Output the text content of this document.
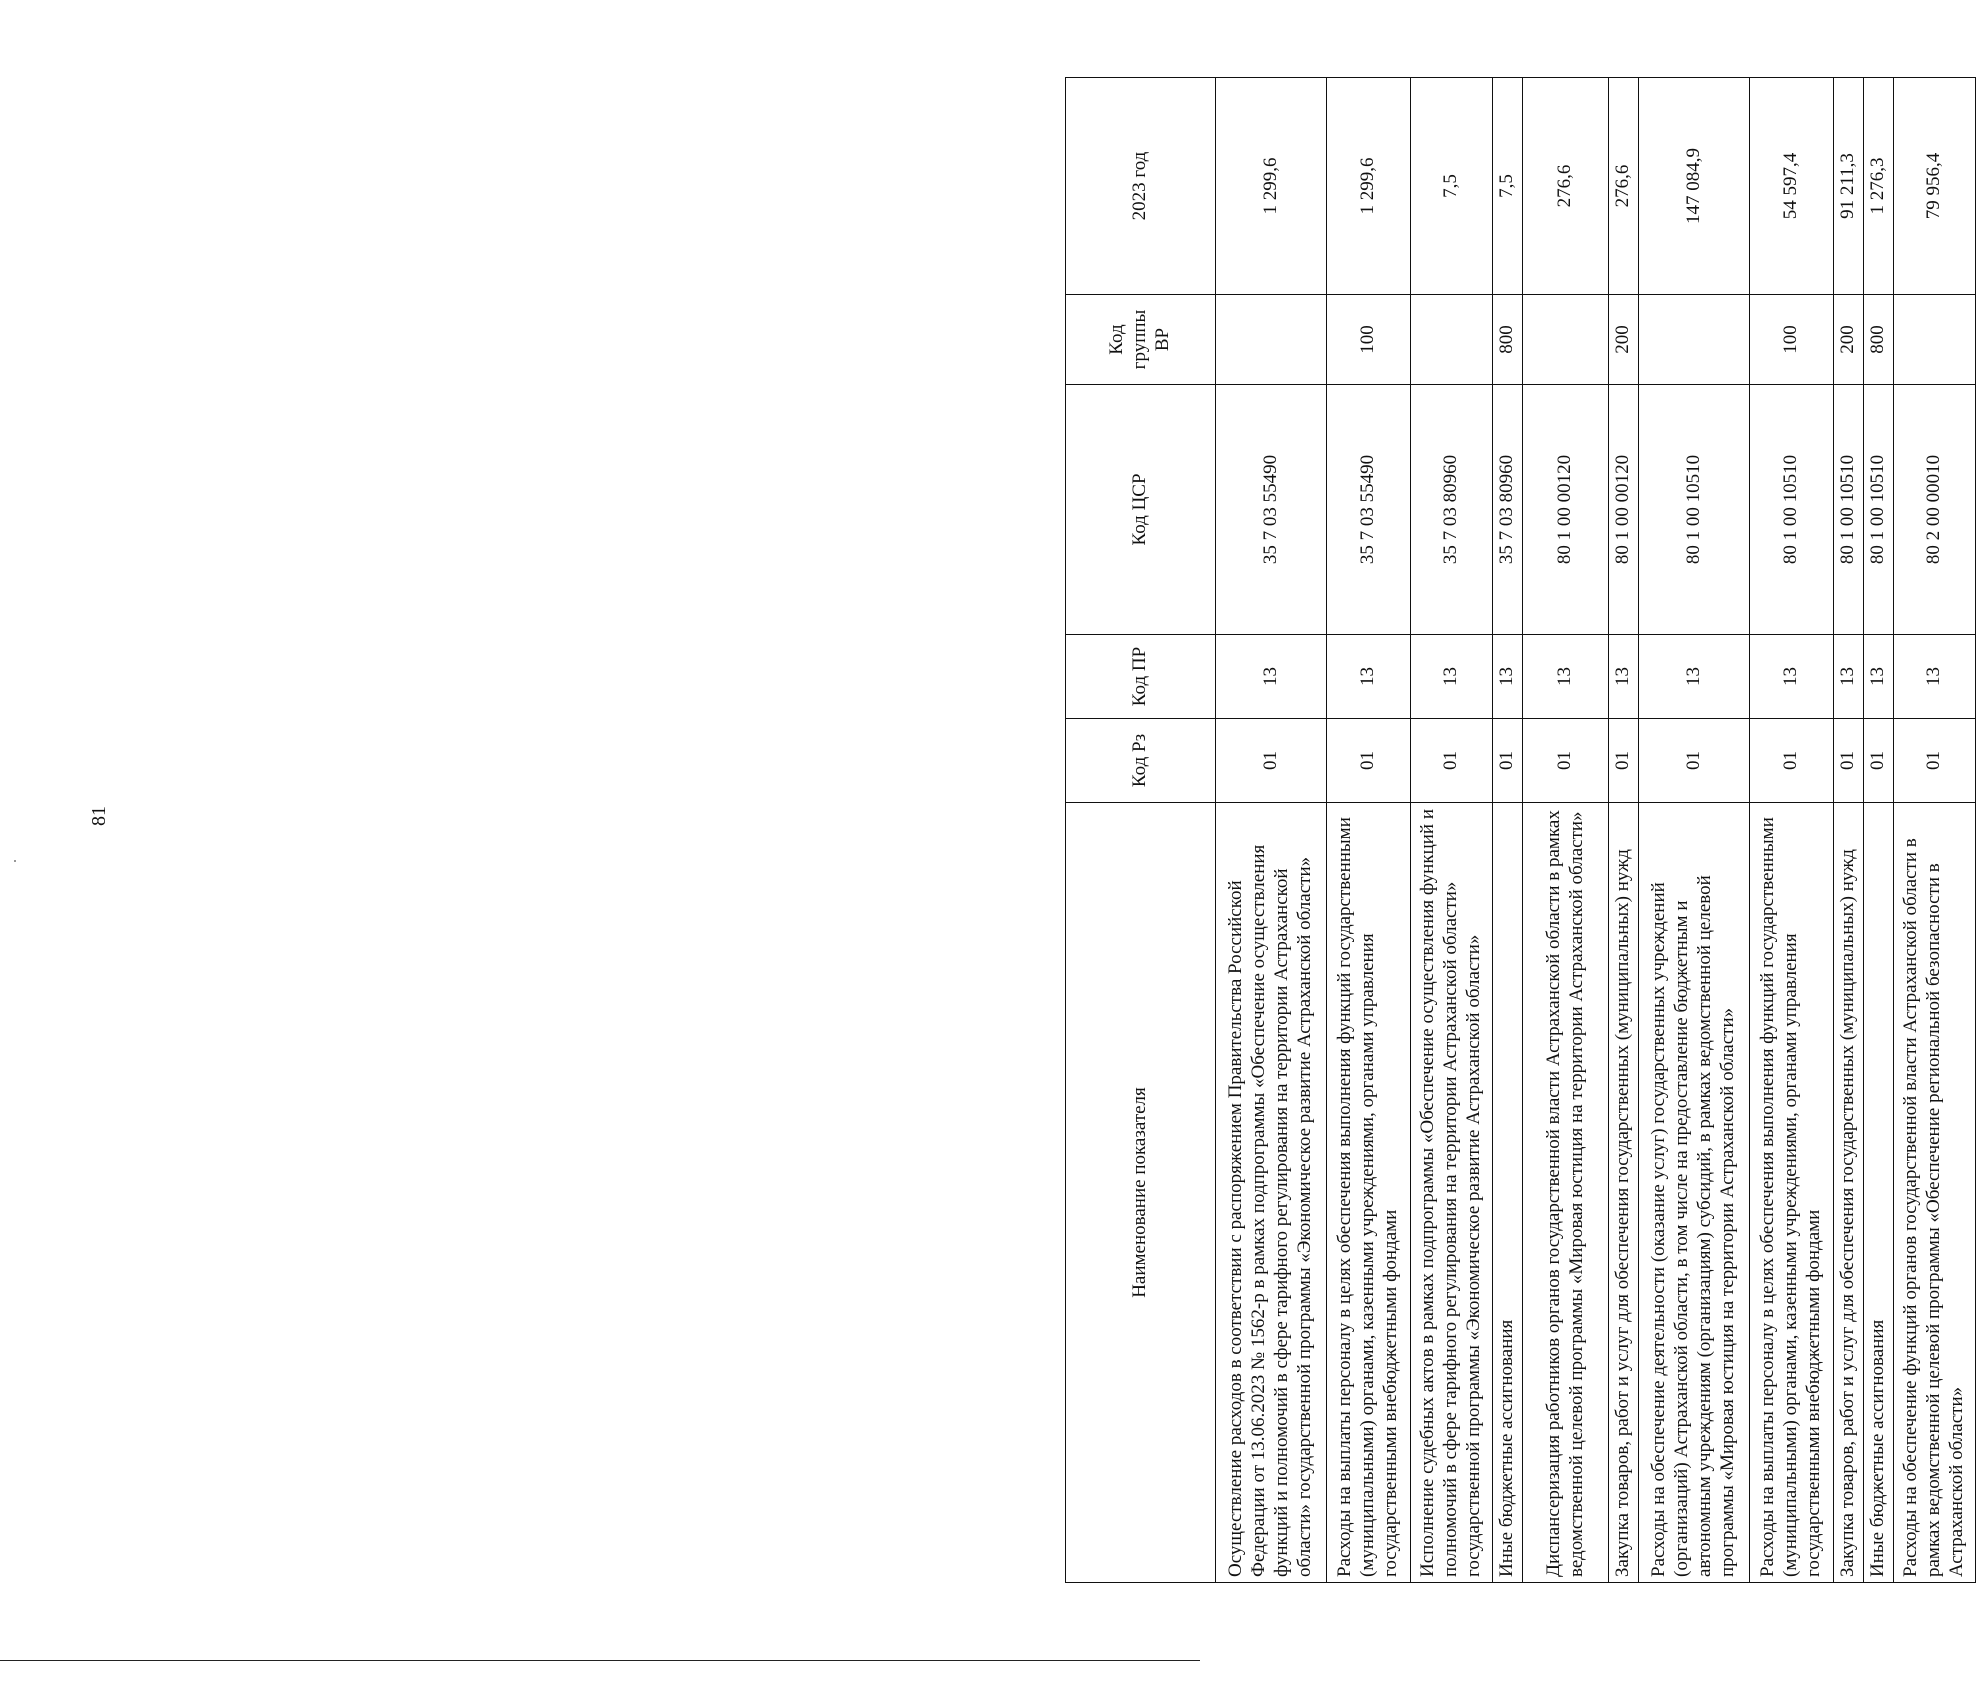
81
Наименование показателя	Код Рз	Код ПР	Код ЦСР	Код группы ВР	2023 год
Осуществление расходов в соответствии с распоряжением Правительства Российской Федерации от 13.06.2023 № 1562-р в рамках подпрограммы «Обеспечение осуществления функций и полномочий в сфере тарифного регулирования на территории Астраханской области» государственной программы «Экономическое развитие Астраханской области»	01	13	35 7 03 55490		1 299,6
Расходы на выплаты персоналу в целях обеспечения выполнения функций государственными (муниципальными) органами, казенными учреждениями, органами управления государственными внебюджетными фондами	01	13	35 7 03 55490	100	1 299,6
Исполнение судебных актов в рамках подпрограммы «Обеспечение осуществления функций и полномочий в сфере тарифного регулирования на территории Астраханской области» государственной программы «Экономическое развитие Астраханской области»	01	13	35 7 03 80960		7,5
Иные бюджетные ассигнования	01	13	35 7 03 80960	800	7,5
Диспансеризация работников органов государственной власти Астраханской области в рамках ведомственной целевой программы «Мировая юстиция на территории Астраханской области»	01	13	80 1 00 00120		276,6
Закупка товаров, работ и услуг для обеспечения государственных (муниципальных) нужд	01	13	80 1 00 00120	200	276,6
Расходы на обеспечение деятельности (оказание услуг) государственных учреждений (организаций) Астраханской области, в том числе на предоставление бюджетным и автономным учреждениям (организациям) субсидий, в рамках ведомственной целевой программы «Мировая юстиция на территории Астраханской области»	01	13	80 1 00 10510		147 084,9
Расходы на выплаты персоналу в целях обеспечения выполнения функций государственными (муниципальными) органами, казенными учреждениями, органами управления государственными внебюджетными фондами	01	13	80 1 00 10510	100	54 597,4
Закупка товаров, работ и услуг для обеспечения государственных (муниципальных) нужд	01	13	80 1 00 10510	200	91 211,3
Иные бюджетные ассигнования	01	13	80 1 00 10510	800	1 276,3
Расходы на обеспечение функций органов государственной власти Астраханской области в рамках ведомственной целевой программы «Обеспечение региональной безопасности в Астраханской области»	01	13	80 2 00 00010		79 956,4
